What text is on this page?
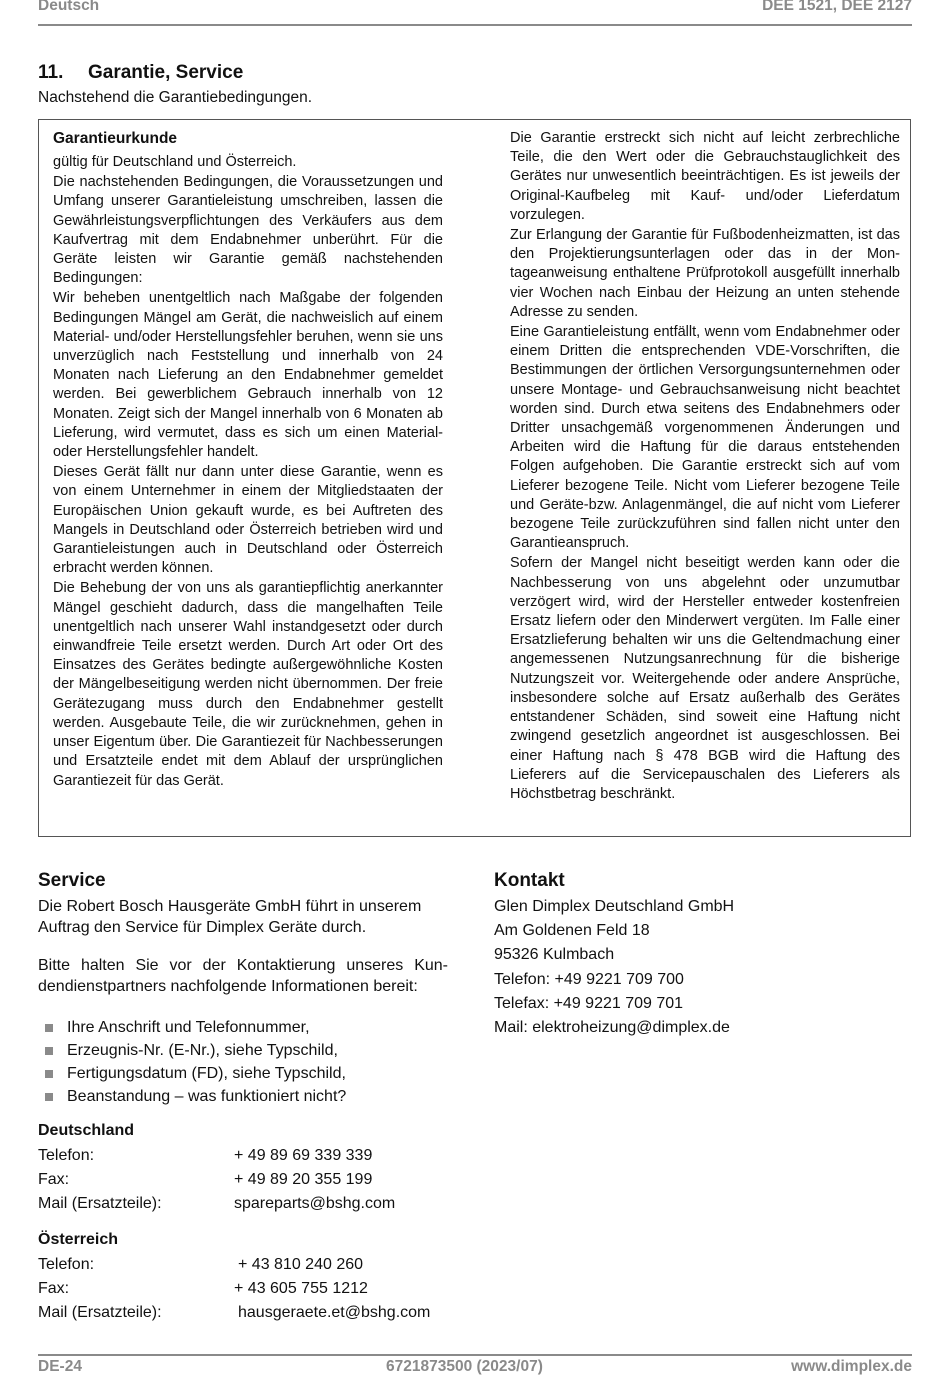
Deutsch	DEE 1521, DEE 2127
11. Garantie, Service

Nachstehend die Garantiebedingungen.

Garantieurkunde

gültig für Deutschland und Österreich.

Die nachstehenden Bedingungen, die Voraussetzungen und Umfang unserer Garantieleistung umschreiben, lassen die Gewährleistungsverpflichtungen des Verkäufers aus dem Kaufvertrag mit dem Endabnehmer unberührt. Für die Geräte leisten wir Garantie gemäß nachstehenden Bedingungen:

Wir beheben unentgeltlich nach Maßgabe der folgenden Bedingungen Mängel am Gerät, die nachweislich auf einem Material- und/oder Herstellungsfehler beruhen, wenn sie uns unverzüglich nach Feststellung und innerhalb von 24 Monaten nach Lieferung an den Endabnehmer gemeldet werden. Bei gewerblichem Gebrauch innerhalb von 12 Monaten. Zeigt sich der Mangel innerhalb von 6 Monaten ab Lieferung, wird vermutet, dass es sich um einen Material- oder Herstellungsfehler handelt.

Dieses Gerät fällt nur dann unter diese Garantie, wenn es von einem Unternehmer in einem der Mitgliedstaaten der Europäischen Union gekauft wurde, es bei Auftreten des Mangels in Deutschland oder Österreich betrieben wird und Garantieleistungen auch in Deutschland oder Österreich erbracht werden können.

Die Behebung der von uns als garantiepflichtig anerkannter Mängel geschieht dadurch, dass die mangelhaften Teile unentgeltlich nach unserer Wahl instandgesetzt oder durch einwandfreie Teile ersetzt werden. Durch Art oder Ort des Einsatzes des Gerätes bedingte außergewöhnliche Kosten der Mängelbeseitigung werden nicht übernommen. Der freie Gerätezugang muss durch den Endabnehmer gestellt werden. Ausgebaute Teile, die wir zurücknehmen, gehen in unser Eigentum über. Die Garantiezeit für Nachbesserungen und Ersatzteile endet mit dem Ablauf der ursprünglichen Garantiezeit für das Gerät.

Die Garantie erstreckt sich nicht auf leicht zerbrechliche Teile, die den Wert oder die Gebrauchstauglichkeit des Gerätes nur unwesentlich beeinträchtigen. Es ist jeweils der Original-Kaufbeleg mit Kauf- und/oder Lieferdatum vorzulegen.

Zur Erlangung der Garantie für Fußbodenheizmatten, ist das den Projektierungsunterlagen oder das in der Montageanweisung enthaltene Prüfprotokoll ausgefüllt innerhalb vier Wochen nach Einbau der Heizung an unten stehende Adresse zu senden.

Eine Garantieleistung entfällt, wenn vom Endabnehmer oder einem Dritten die entsprechenden VDE-Vorschriften, die Bestimmungen der örtlichen Versorgungsunternehmen oder unsere Montage- und Gebrauchsanweisung nicht beachtet worden sind. Durch etwa seitens des Endabnehmers oder Dritter unsachgemäß vorgenommenen Änderungen und Arbeiten wird die Haftung für die daraus entstehenden Folgen aufgehoben. Die Garantie erstreckt sich auf vom Lieferer bezogene Teile. Nicht vom Lieferer bezogene Teile und Geräte-bzw. Anlagenmängel, die auf nicht vom Lieferer bezogene Teile zurückzuführen sind fallen nicht unter den Garantieanspruch.

Sofern der Mangel nicht beseitigt werden kann oder die Nachbesserung von uns abgelehnt oder unzumutbar verzögert wird, wird der Hersteller entweder kostenfreien Ersatz liefern oder den Minderwert vergüten. Im Falle einer Ersatzlieferung behalten wir uns die Geltendmachung einer angemessenen Nutzungsanrechnung für die bisherige Nutzungszeit vor. Weitergehende oder andere Ansprüche, insbesondere solche auf Ersatz außerhalb des Gerätes entstandener Schäden, sind soweit eine Haftung nicht zwingend gesetzlich angeordnet ist ausgeschlossen. Bei einer Haftung nach § 478 BGB wird die Haftung des Lieferers auf die Servicepauschalen des Lieferers als Höchstbetrag beschränkt.

Service

Die Robert Bosch Hausgeräte GmbH führt in unserem Auftrag den Service für Dimplex Geräte durch.

Bitte halten Sie vor der Kontaktierung unseres Kundendienstpartners nachfolgende Informationen bereit:

Ihre Anschrift und Telefonnummer,
Erzeugnis-Nr. (E-Nr.), siehe Typschild,
Fertigungsdatum (FD), siehe Typschild,
Beanstandung – was funktioniert nicht?
Deutschland
Telefon:	+ 49 89 69 339 339
Fax:	+ 49 89 20 355 199
Mail (Ersatzteile):	spareparts@bshg.com
Österreich
Telefon:	+ 43 810 240 260
Fax:	+ 43 605 755 1212
Mail (Ersatzteile):	hausgeraete.et@bshg.com
Kontakt
Glen Dimplex Deutschland GmbH
Am Goldenen Feld 18
95326 Kulmbach
Telefon: +49 9221 709 700
Telefax: +49 9221 709 701
Mail: elektroheizung@dimplex.de
DE-24	6721873500 (2023/07)	www.dimplex.de
